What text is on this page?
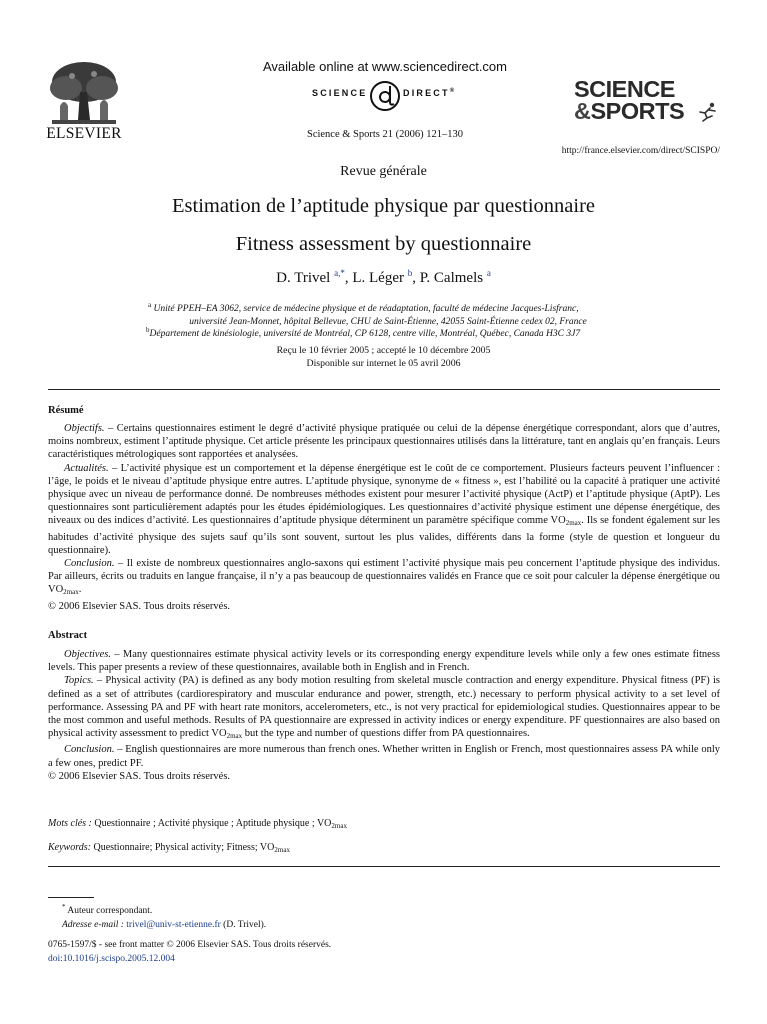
ELSEVIER
Available online at www.sciencedirect.com
SCIENCE	DIRECT®
Science & Sports 21 (2006) 121–130
SCIENCE
&SPORTS
http://france.elsevier.com/direct/SCISPO/
Revue générale
Estimation de l’aptitude physique par questionnaire
Fitness assessment by questionnaire
D. Trivel $^{a,*}$, L. Léger $^b$, P. Calmels $^a$
$^a$ Unité PPEH–EA 3062, service de médecine physique et de réadaptation, faculté de médecine Jacques-Lisfranc,
université Jean-Monnet, hôpital Bellevue, CHU de Saint-Étienne, 42055 Saint-Étienne cedex 02, France
$^b$Département de kinésiologie, université de Montréal, CP 6128, centre ville, Montréal, Québec, Canada H3C 3J7
Reçu le 10 février 2005 ; accepté le 10 décembre 2005
Disponible sur internet le 05 avril 2006
Résumé

Objectifs. – Certains questionnaires estiment le degré d’activité physique pratiquée ou celui de la dépense énergétique correspondant, alors que d’autres, moins nombreux, estiment l’aptitude physique. Cet article présente les principaux questionnaires utilisés dans la littérature, tant en anglais qu’en français. Leurs caractéristiques métrologiques sont rapportées et analysées.

Actualités. – L’activité physique est un comportement et la dépense énergétique est le coût de ce comportement. Plusieurs facteurs peuvent l’influencer : l’âge, le poids et le niveau d’aptitude physique entre autres. L’aptitude physique, synonyme de « fitness », est l’habilité ou la capacité à pratiquer une activité physique avec un niveau de performance donné. De nombreuses méthodes existent pour mesurer l’activité physique (ActP) et l’aptitude physique (AptP). Les questionnaires sont particulièrement adaptés pour les études épidémiologiques. Les questionnaires d’activité physique estiment une dépense énergétique, des niveaux ou des indices d’activité. Les questionnaires d’aptitude physique déterminent un paramètre spécifique comme $VO_{2max}$. Ils se fondent également sur les habitudes d’activité physique des sujets sauf qu’ils sont souvent, surtout les plus valides, différents dans la forme (style de question et longueur du questionnaire).

Conclusion. – Il existe de nombreux questionnaires anglo-saxons qui estiment l’activité physique mais peu concernent l’aptitude physique des individus. Par ailleurs, écrits ou traduits en langue française, il n’y a pas beaucoup de questionnaires validés en France que ce soit pour calculer la dépense énergétique ou $VO_{2max}$.

© 2006 Elsevier SAS. Tous droits réservés.

Abstract

Objectives. – Many questionnaires estimate physical activity levels or its corresponding energy expenditure levels while only a few ones estimate fitness levels. This paper presents a review of these questionnaires, available both in English and in French.

Topics. – Physical activity (PA) is defined as any body motion resulting from skeletal muscle contraction and energy expenditure. Physical fitness (PF) is defined as a set of attributes (cardiorespiratory and muscular endurance and power, strength, etc.) necessary to perform physical activity to a set level of performance. Assessing PA and PF with heart rate monitors, accelerometers, etc., is not very practical for epidemiological studies. Questionnaires appear to be the most common and useful methods. Results of PA questionnaire are expressed in activity indices or energy expenditure. PF questionnaires are also based on physical activity assessment to predict $VO_{2max}$ but the type and number of questions differ from PA questionnaires.

Conclusion. – English questionnaires are more numerous than french ones. Whether written in English or French, most questionnaires assess PA while only a few ones, predict PF.

© 2006 Elsevier SAS. Tous droits réservés.

Mots clés : Questionnaire ; Activité physique ; Aptitude physique ; $VO_{2max}$
Keywords: Questionnaire; Physical activity; Fitness; $VO_{2max}$
* Auteur correspondant.
Adresse e-mail : trivel@univ-st-etienne.fr (D. Trivel).
0765-1597/$ - see front matter © 2006 Elsevier SAS. Tous droits réservés.
doi:10.1016/j.scispo.2005.12.004
